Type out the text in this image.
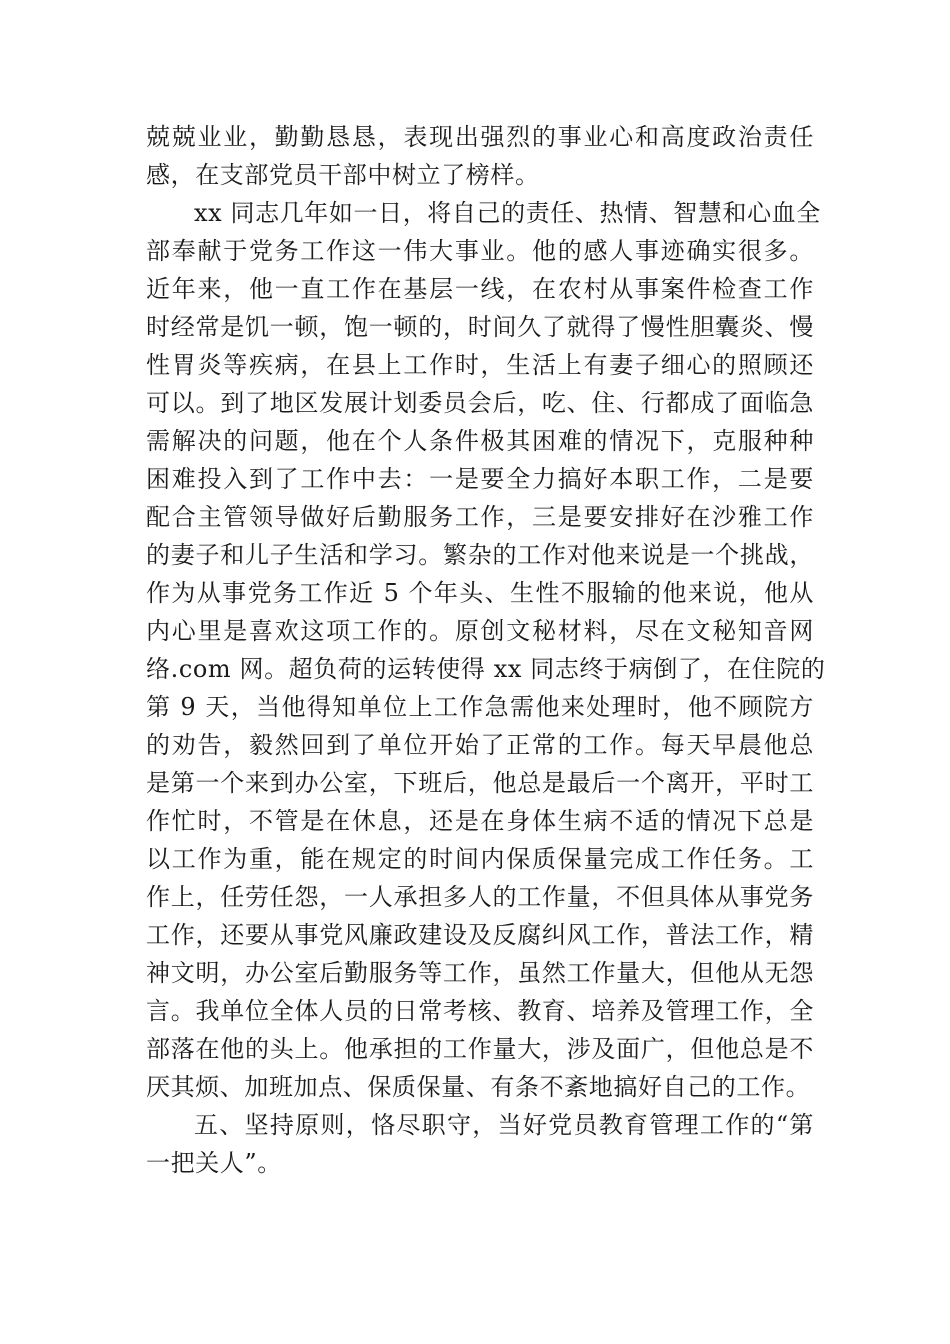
兢兢业业，勤勤恳恳，表现出强烈的事业心和高度政治责任
感，在支部党员干部中树立了榜样。

xx 同志几年如一日，将自己的责任、热情、智慧和心血全
部奉献于党务工作这一伟大事业。他的感人事迹确实很多。
近年来，他一直工作在基层一线，在农村从事案件检查工作
时经常是饥一顿，饱一顿的，时间久了就得了慢性胆囊炎、慢
性胃炎等疾病，在县上工作时，生活上有妻子细心的照顾还
可以。到了地区发展计划委员会后，吃、住、行都成了面临急
需解决的问题，他在个人条件极其困难的情况下，克服种种
困难投入到了工作中去：一是要全力搞好本职工作，二是要
配合主管领导做好后勤服务工作，三是要安排好在沙雅工作
的妻子和儿子生活和学习。繁杂的工作对他来说是一个挑战，
作为从事党务工作近 5 个年头、生性不服输的他来说，他从
内心里是喜欢这项工作的。原创文秘材料，尽在文秘知音网
络.com 网。超负荷的运转使得 xx 同志终于病倒了，在住院的
第 9 天，当他得知单位上工作急需他来处理时，他不顾院方
的劝告，毅然回到了单位开始了正常的工作。每天早晨他总
是第一个来到办公室，下班后，他总是最后一个离开，平时工
作忙时，不管是在休息，还是在身体生病不适的情况下总是
以工作为重，能在规定的时间内保质保量完成工作任务。工
作上，任劳任怨，一人承担多人的工作量，不但具体从事党务
工作，还要从事党风廉政建设及反腐纠风工作，普法工作，精
神文明，办公室后勤服务等工作，虽然工作量大，但他从无怨
言。我单位全体人员的日常考核、教育、培养及管理工作，全
部落在他的头上。他承担的工作量大，涉及面广，但他总是不
厌其烦、加班加点、保质保量、有条不紊地搞好自己的工作。

五、坚持原则，恪尽职守，当好党员教育管理工作的“第
一把关人”。
